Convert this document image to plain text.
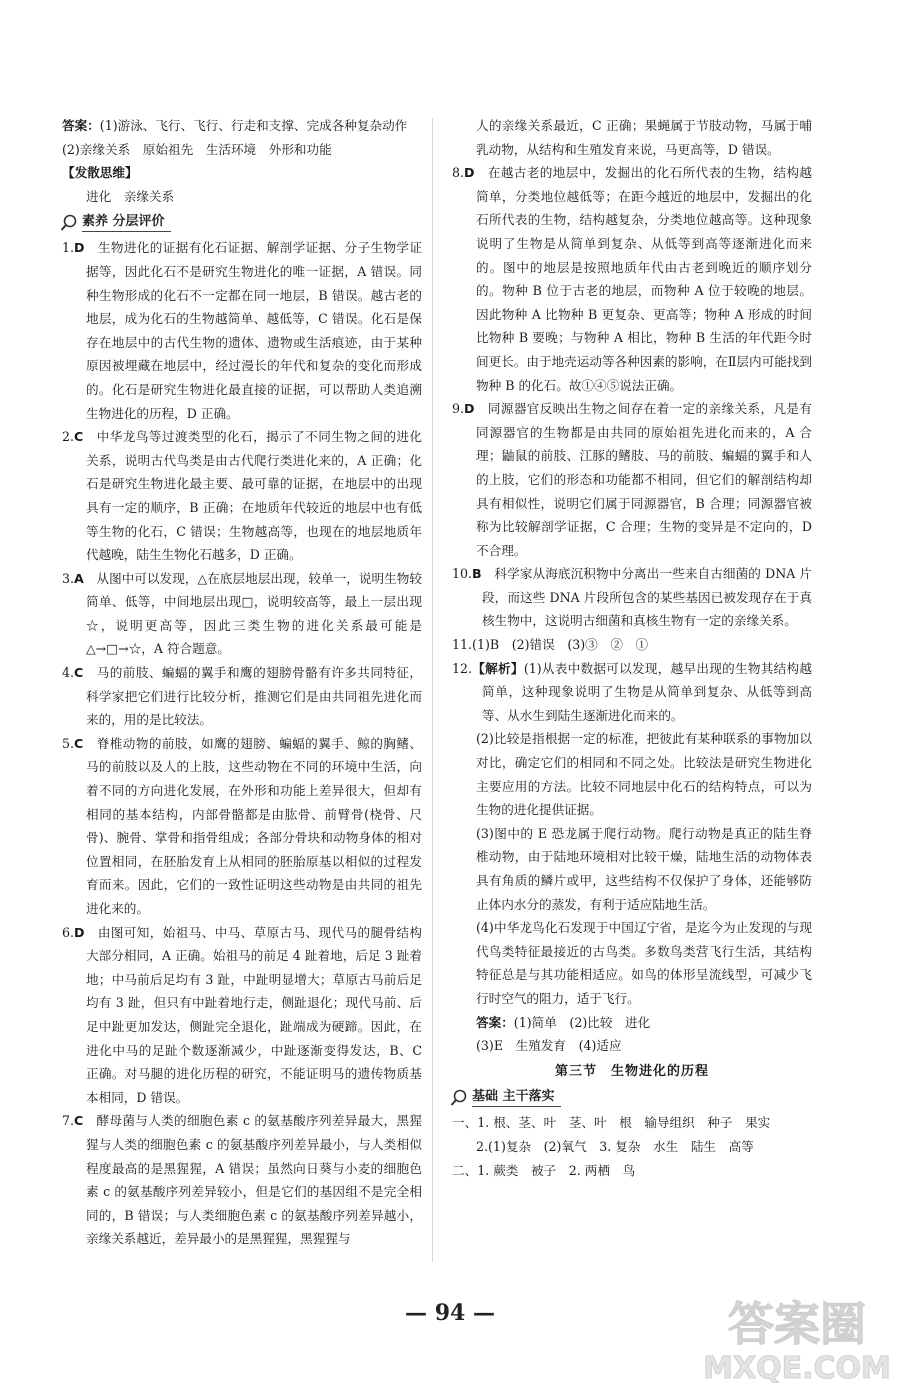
答案：(1)游泳、飞行、飞行、行走和支撑、完成各种复杂动作

(2)亲缘关系　原始祖先　生活环境　外形和功能

【发散思维】

进化　亲缘关系

素养 分层评价

1.D　生物进化的证据有化石证据、解剖学证据、分子生物学证据等，因此化石不是研究生物进化的唯一证据，A 错误。同种生物形成的化石不一定都在同一地层，B 错误。越古老的地层，成为化石的生物越简单、越低等，C 错误。化石是保存在地层中的古代生物的遗体、遗物或生活痕迹，由于某种原因被埋藏在地层中，经过漫长的年代和复杂的变化而形成的。化石是研究生物进化最直接的证据，可以帮助人类追溯生物进化的历程，D 正确。

2.C　中华龙鸟等过渡类型的化石，揭示了不同生物之间的进化关系，说明古代鸟类是由古代爬行类进化来的，A 正确；化石是研究生物进化最主要、最可靠的证据，在地层中的出现具有一定的顺序，B 正确；在地质年代较近的地层中也有低等生物的化石，C 错误；生物越高等，也现在的地层地质年代越晚，陆生生物化石越多，D 正确。

3.A　从图中可以发现，△在底层地层出现，较单一，说明生物较简单、低等，中间地层出现□，说明较高等，最上一层出现☆，说明更高等，因此三类生物的进化关系最可能是△→□→☆，A 符合题意。

4.C　马的前肢、蝙蝠的翼手和鹰的翅膀骨骼有许多共同特征，科学家把它们进行比较分析，推测它们是由共同祖先进化而来的，用的是比较法。

5.C　脊椎动物的前肢，如鹰的翅膀、蝙蝠的翼手、鲸的胸鳍、马的前肢以及人的上肢，这些动物在不同的环境中生活，向着不同的方向进化发展，在外形和功能上差异很大，但却有相同的基本结构，内部骨骼都是由肱骨、前臂骨(桡骨、尺骨)、腕骨、掌骨和指骨组成；各部分骨块和动物身体的相对位置相同，在胚胎发育上从相同的胚胎原基以相似的过程发育而来。因此，它们的一致性证明这些动物是由共同的祖先进化来的。

6.D　由图可知，始祖马、中马、草原古马、现代马的腿骨结构大部分相同，A 正确。始祖马的前足 4 趾着地，后足 3 趾着地；中马前后足均有 3 趾，中趾明显增大；草原古马前后足均有 3 趾，但只有中趾着地行走，侧趾退化；现代马前、后足中趾更加发达，侧趾完全退化，趾端成为硬蹄。因此，在进化中马的足趾个数逐渐减少，中趾逐渐变得发达，B、C 正确。对马腿的进化历程的研究，不能证明马的遗传物质基本相同，D 错误。

7.C　酵母菌与人类的细胞色素 c 的氨基酸序列差异最大，黑猩猩与人类的细胞色素 c 的氨基酸序列差异最小，与人类相似程度最高的是黑猩猩，A 错误；虽然向日葵与小麦的细胞色素 c 的氨基酸序列差异较小，但是它们的基因组不是完全相同的，B 错误；与人类细胞色素 c 的氨基酸序列差异越小，亲缘关系越近，差异最小的是黑猩猩，黑猩猩与

人的亲缘关系最近，C 正确；果蝇属于节肢动物，马属于哺乳动物，从结构和生殖发育来说，马更高等，D 错误。

8.D　在越古老的地层中，发掘出的化石所代表的生物，结构越简单，分类地位越低等；在距今越近的地层中，发掘出的化石所代表的生物，结构越复杂，分类地位越高等。这种现象说明了生物是从简单到复杂、从低等到高等逐渐进化而来的。图中的地层是按照地质年代由古老到晚近的顺序划分的。物种 B 位于古老的地层，而物种 A 位于较晚的地层。因此物种 A 比物种 B 更复杂、更高等；物种 A 形成的时间比物种 B 要晚；与物种 A 相比，物种 B 生活的年代距今时间更长。由于地壳运动等各种因素的影响，在Ⅱ层内可能找到物种 B 的化石。故①④⑤说法正确。

9.D　同源器官反映出生物之间存在着一定的亲缘关系，凡是有同源器官的生物都是由共同的原始祖先进化而来的，A 合理；鼬鼠的前肢、江豚的鳍肢、马的前肢、蝙蝠的翼手和人的上肢，它们的形态和功能都不相同，但它们的解剖结构却具有相似性，说明它们属于同源器官，B 合理；同源器官被称为比较解剖学证据，C 合理；生物的变异是不定向的，D 不合理。

10.B　科学家从海底沉积物中分离出一些来自古细菌的 DNA 片段，而这些 DNA 片段所包含的某些基因已被发现存在于真核生物中，这说明古细菌和真核生物有一定的亲缘关系。

11.(1)B　(2)错误　(3)③　②　①

12.【解析】(1)从表中数据可以发现，越早出现的生物其结构越简单，这种现象说明了生物是从简单到复杂、从低等到高等、从水生到陆生逐渐进化而来的。

(2)比较是指根据一定的标准，把彼此有某种联系的事物加以对比，确定它们的相同和不同之处。比较法是研究生物进化主要应用的方法。比较不同地层中化石的结构特点，可以为生物的进化提供证据。

(3)图中的 E 恐龙属于爬行动物。爬行动物是真正的陆生脊椎动物，由于陆地环境相对比较干燥，陆地生活的动物体表具有角质的鳞片或甲，这些结构不仅保护了身体，还能够防止体内水分的蒸发，有利于适应陆地生活。

(4)中华龙鸟化石发现于中国辽宁省，是迄今为止发现的与现代鸟类特征最接近的古鸟类。多数鸟类营飞行生活，其结构特征总是与其功能相适应。如鸟的体形呈流线型，可减少飞行时空气的阻力，适于飞行。

答案：(1)简单　(2)比较　进化

(3)E　生殖发育　(4)适应

第三节　生物进化的历程

基础 主干落实

一、1. 根、茎、叶　茎、叶　根　输导组织　种子　果实

2.(1)复杂　(2)氧气　3. 复杂　水生　陆生　高等

二、1. 蕨类　被子　2. 两栖　鸟

— 94 —	答案圈
MXQE.COM
